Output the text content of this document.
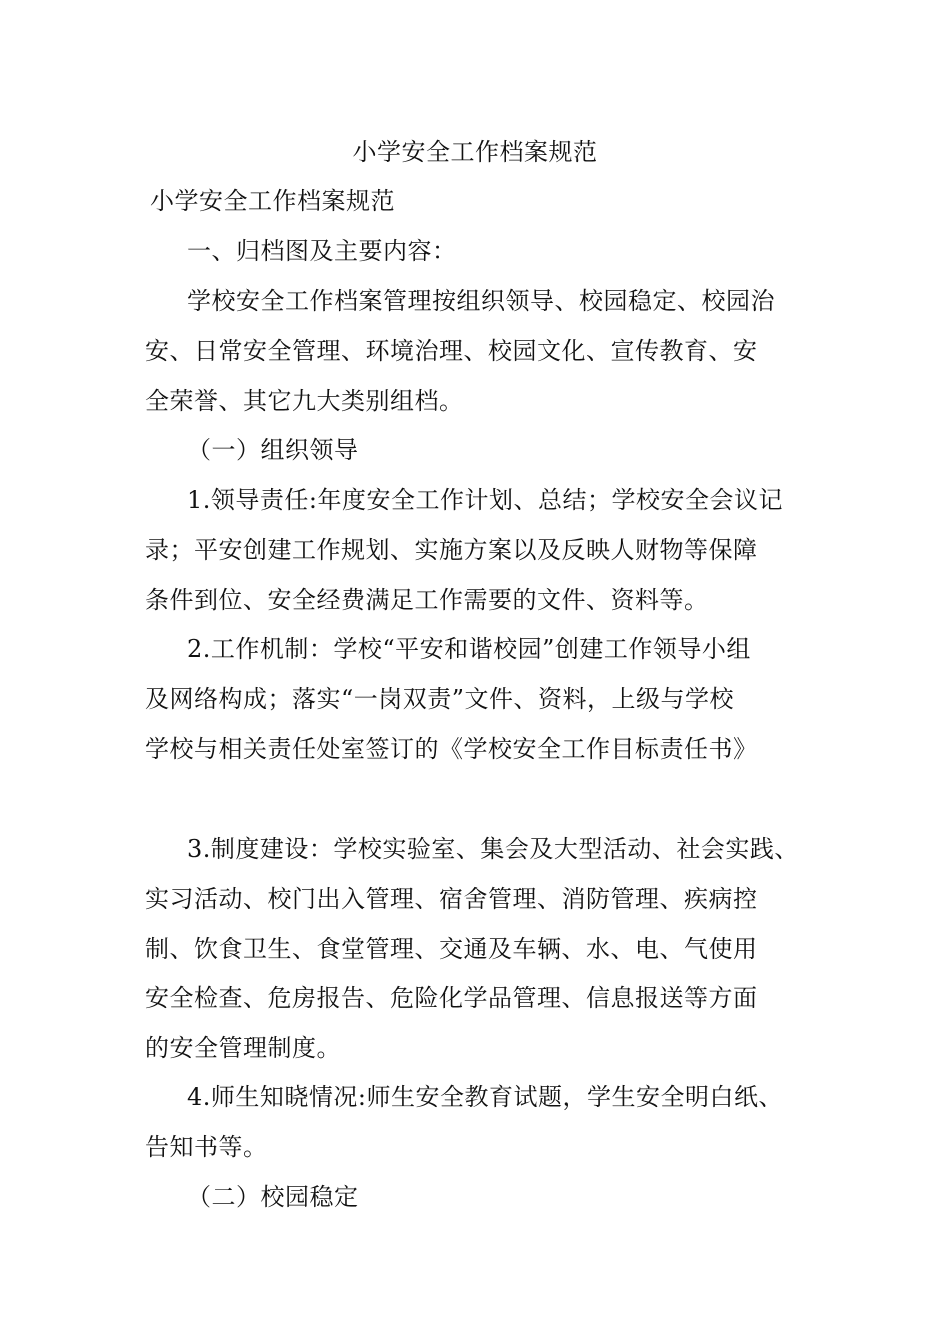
小学安全工作档案规范
小学安全工作档案规范
一、归档图及主要内容：
学校安全工作档案管理按组织领导、校园稳定、校园治
安、日常安全管理、环境治理、校园文化、宣传教育、安
全荣誉、其它九大类别组档。
（一）组织领导
1.领导责任:年度安全工作计划、总结；学校安全会议记
录；平安创建工作规划、实施方案以及反映人财物等保障
条件到位、安全经费满足工作需要的文件、资料等。
2.工作机制：学校“平安和谐校园”创建工作领导小组
及网络构成；落实“一岗双责”文件、资料，上级与学校
学校与相关责任处室签订的《学校安全工作目标责任书》
3.制度建设：学校实验室、集会及大型活动、社会实践、
实习活动、校门出入管理、宿舍管理、消防管理、疾病控
制、饮食卫生、食堂管理、交通及车辆、水、电、气使用
安全检查、危房报告、危险化学品管理、信息报送等方面
的安全管理制度。
4.师生知晓情况:师生安全教育试题，学生安全明白纸、
告知书等。
（二）校园稳定
